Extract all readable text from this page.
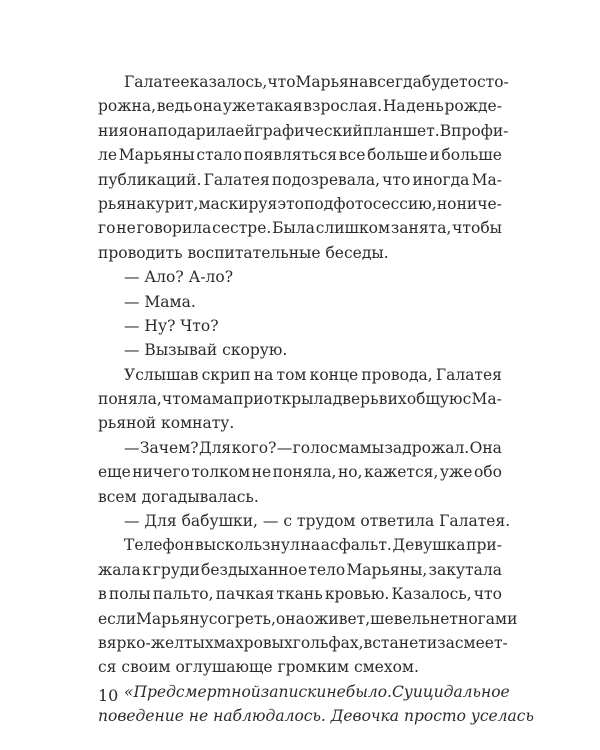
Галатее казалось, что Марьяна всегда будет осто-
рожна, ведь она уже такая взрослая. На день рожде-
ния она подарила ей графический планшет. В профи-
ле Марьяны стало появляться все больше и больше
публикаций. Галатея подозревала, что иногда Ма-
рьяна курит, маскируя это под фотосессию, но ниче-
го не говорила сестре. Была слишком занята, чтобы
проводить воспитательные беседы.
— Ало? А-ло?
— Мама.
— Ну? Что?
— Вызывай скорую.
Услышав скрип на том конце провода, Галатея
поняла, что мама приоткрыла дверь в их общую с Ма-
рьяной комнату.
— Зачем? Для кого? — голос мамы задрожал. Она
еще ничего толком не поняла, но, кажется, уже обо
всем догадывалась.
— Для бабушки, — с трудом ответила Галатея.
Телефон выскользнул на асфальт. Девушка при-
жала к груди бездыханное тело Марьяны, закутала
в полы пальто, пачкая ткань кровью. Казалось, что
если Марьяну согреть, она оживет, шевельнет ногами
в ярко-желтых махровых гольфах, встанет и засмеет-
ся своим оглушающе громким смехом.
«Предсмертной записки не было. Суицидальное
поведение не наблюдалось. Девочка просто уселась
10
